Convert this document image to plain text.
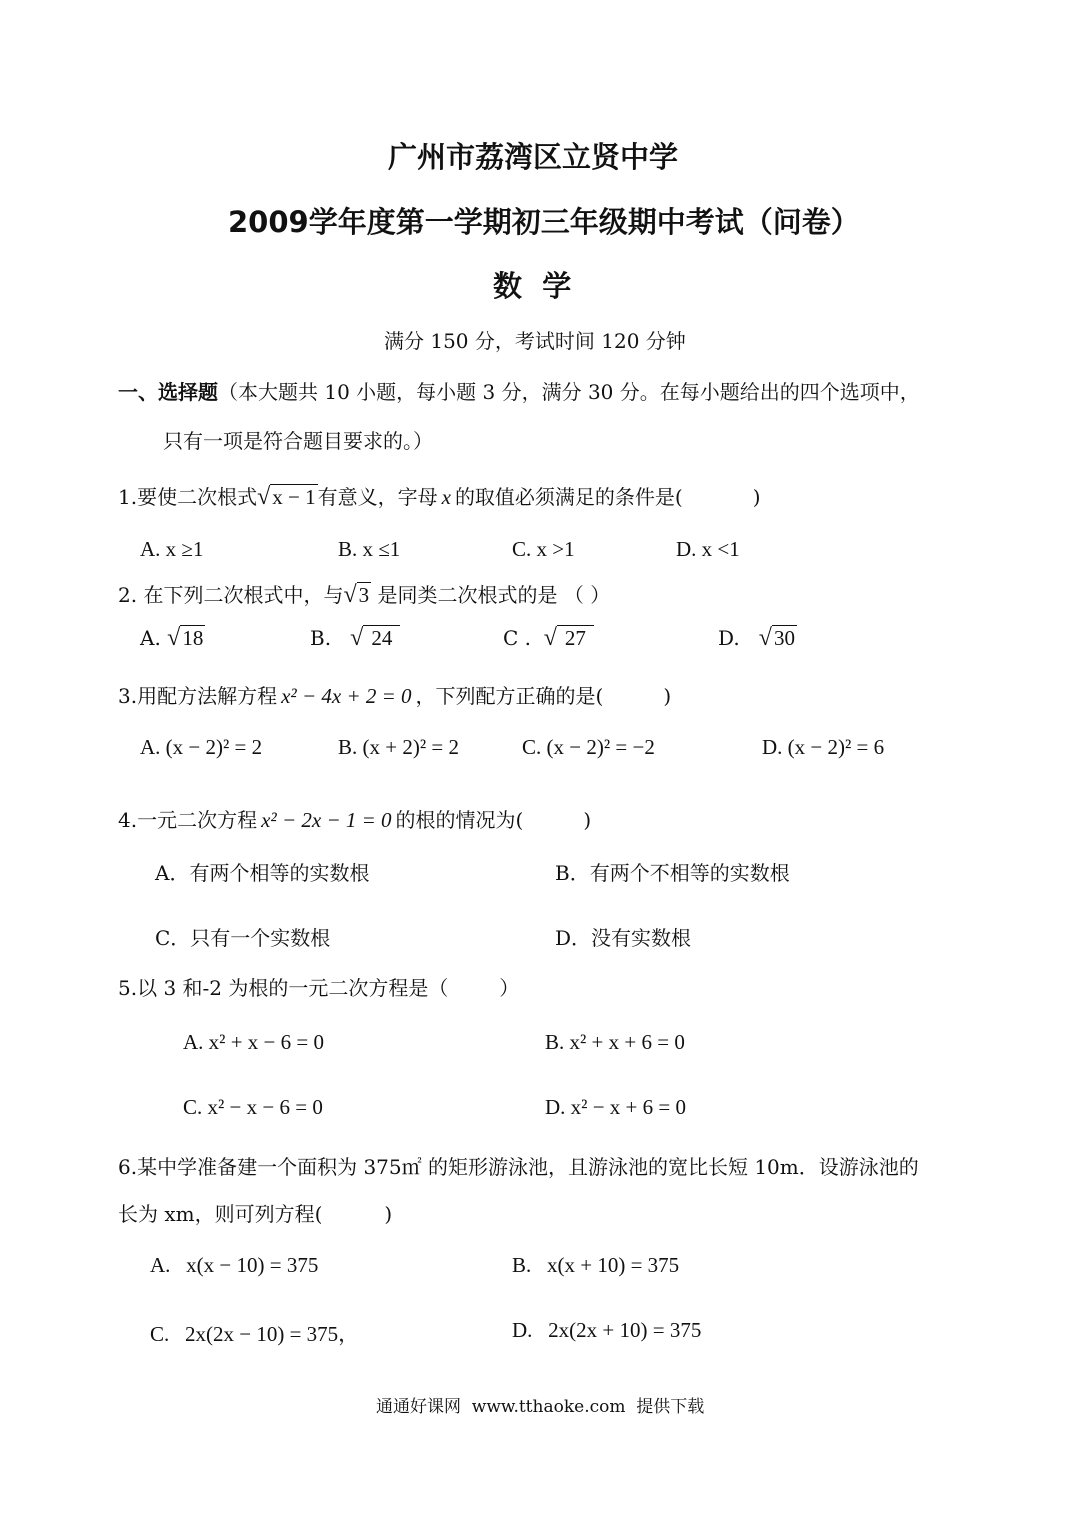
广州市荔湾区立贤中学
2009学年度第一学期初三年级期中考试（问卷）
数  学
满分 150 分，考试时间 120 分钟
一、选择题（本大题共 10 小题，每小题 3 分，满分 30 分。在每小题给出的四个选项中，
只有一项是符合题目要求的。）
1.要使二次根式√x − 1 有意义，字母 x 的取值必须满足的条件是(	)
A. x ≥1	B. x ≤1	C. x >1	D. x <1
2. 在下列二次根式中，与√3 是同类二次根式的是 （ ）
A. √18	B. √ 24	C . √ 27	D. √30
3.用配方法解方程 x² − 4x + 2 = 0 ，下列配方正确的是(	)
A. (x − 2)² = 2	B. (x + 2)² = 2	C. (x − 2)² = −2	D. (x − 2)² = 6
4.一元二次方程 x² − 2x − 1 = 0 的根的情况为(	)
A．有两个相等的实数根	B．有两个不相等的实数根
C．只有一个实数根	D．没有实数根
5.以 3 和-2 为根的一元二次方程是（        ）
A. x² + x − 6 = 0	B. x² + x + 6 = 0
C. x² − x − 6 = 0	D. x² − x + 6 = 0
6.某中学准备建一个面积为 375㎡ 的矩形游泳池，且游泳池的宽比长短 10m．设游泳池的
长为 xm，则可列方程(	)
A.   x(x − 10) = 375	B.   x(x + 10) = 375
C.   2x(2x − 10) = 375，	D.   2x(2x + 10) = 375
通通好课网  www.tthaoke.com  提供下载
